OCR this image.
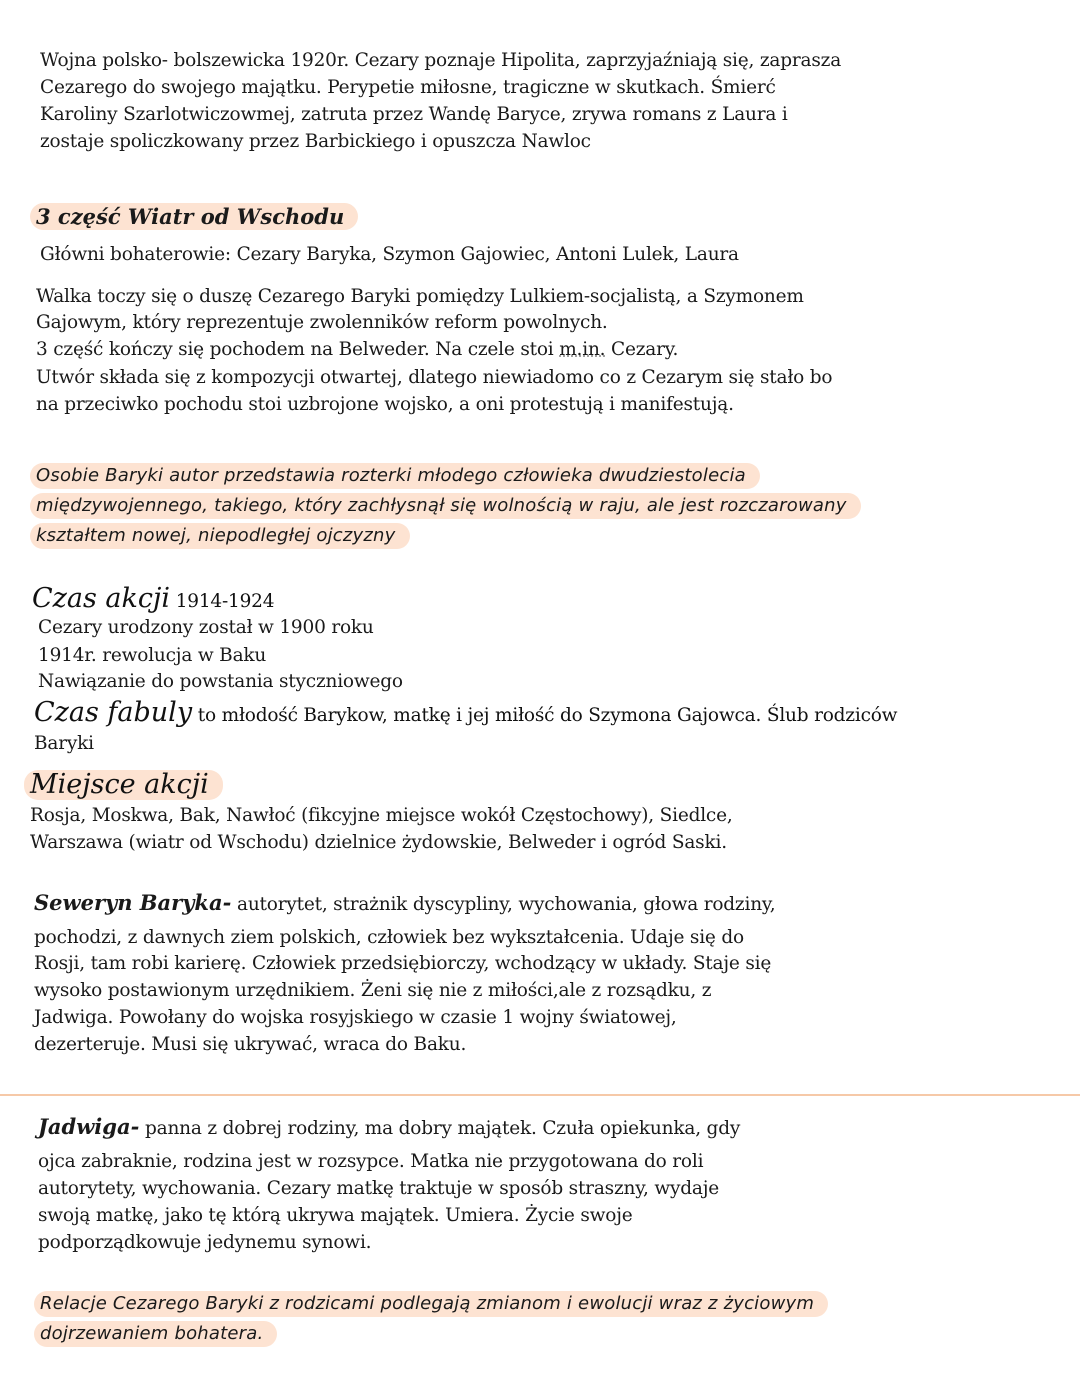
Wojna polsko- bolszewicka 1920r. Cezary poznaje Hipolita, zaprzyjaźniają się, zaprasza
Cezarego do swojego majątku. Perypetie miłosne, tragiczne w skutkach. Śmierć
Karoliny Szarlotwiczowmej, zatruta przez Wandę Baryce, zrywa romans z Laura i
zostaje spoliczkowany przez Barbickiego i opuszcza Nawloc
3 część Wiatr od Wschodu
Główni bohaterowie: Cezary Baryka, Szymon Gajowiec, Antoni Lulek, Laura
Walka toczy się o duszę Cezarego Baryki pomiędzy Lulkiem-socjalistą, a Szymonem
Gajowym, który reprezentuje zwolenników reform powolnych.
3 część kończy się pochodem na Belweder. Na czele stoi m.in. Cezary.
Utwór składa się z kompozycji otwartej, dlatego niewiadomo co z Cezarym się stało bo
na przeciwko pochodu stoi uzbrojone wojsko, a oni protestują i manifestują.
Osobie Baryki autor przedstawia rozterki młodego człowieka dwudziestolecia
międzywojennego, takiego, który zachłysnął się wolnością w raju, ale jest rozczarowany
kształtem nowej, niepodległej ojczyzny
Czas akcji 1914-1924
Cezary urodzony został w 1900 roku
1914r. rewolucja w Baku
Nawiązanie do powstania styczniowego
Czas fabuly to młodość Barykow, matkę i jej miłość do Szymona Gajowca. Ślub rodziców
Baryki
Miejsce akcji
Rosja, Moskwa, Bak, Nawłoć (fikcyjne miejsce wokół Częstochowy), Siedlce,
Warszawa (wiatr od Wschodu) dzielnice żydowskie, Belweder i ogród Saski.
Seweryn Baryka- autorytet, strażnik dyscypliny, wychowania, głowa rodziny,
pochodzi, z dawnych ziem polskich, człowiek bez wykształcenia. Udaje się do
Rosji, tam robi karierę. Człowiek przedsiębiorczy, wchodzący w układy. Staje się
wysoko postawionym urzędnikiem. Żeni się nie z miłości,ale z rozsądku, z
Jadwiga. Powołany do wojska rosyjskiego w czasie 1 wojny światowej,
dezerteruje. Musi się ukrywać, wraca do Baku.
Jadwiga- panna z dobrej rodziny, ma dobry majątek. Czuła opiekunka, gdy
ojca zabraknie, rodzina jest w rozsypce. Matka nie przygotowana do roli
autorytety, wychowania. Cezary matkę traktuje w sposób straszny, wydaje
swoją matkę, jako tę którą ukrywa majątek. Umiera. Życie swoje
podporządkowuje jedynemu synowi.
Relacje Cezarego Baryki z rodzicami podlegają zmianom i ewolucji wraz z życiowym
dojrzewaniem bohatera.
